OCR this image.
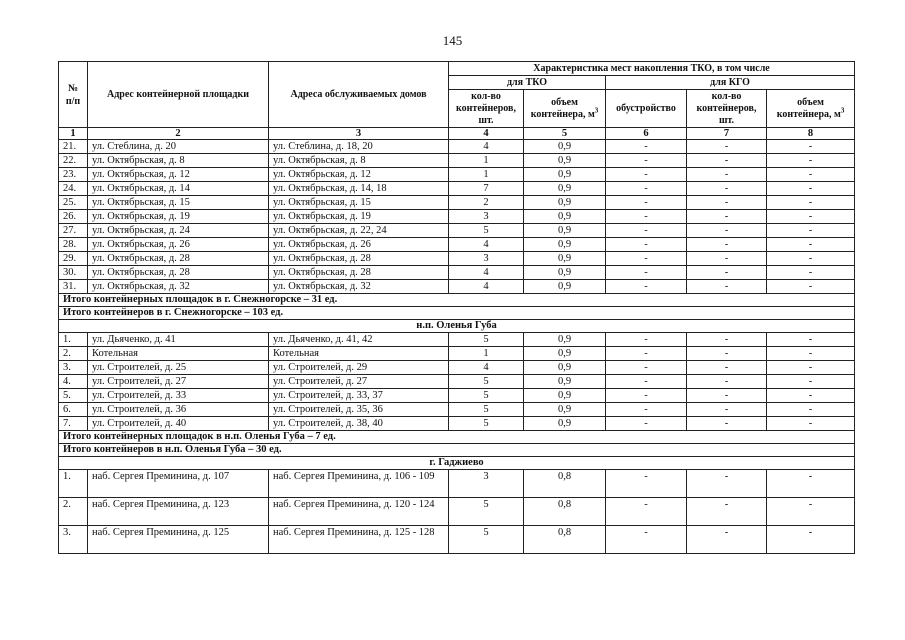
145
№ п/п	Адрес контейнерной площадки	Адреса обслуживаемых домов	Характеристика мест накопления ТКО, в том числе				
			для ТКО		для КГО		
			кол-во контейнеров, шт.	объем контейнера, $м^3$	обустройство	кол-во контейнеров, шт.	объем контейнера, $м^3$
1	2	3	4	5	6	7	8
21.	ул. Стеблина, д. 20	ул. Стеблина, д. 18, 20	4	0,9	-	-	-
22.	ул. Октябрьская, д. 8	ул. Октябрьская, д. 8	1	0,9	-	-	-
23.	ул. Октябрьская, д. 12	ул. Октябрьская, д. 12	1	0,9	-	-	-
24.	ул. Октябрьская, д. 14	ул. Октябрьская, д. 14, 18	7	0,9	-	-	-
25.	ул. Октябрьская, д. 15	ул. Октябрьская, д. 15	2	0,9	-	-	-
26.	ул. Октябрьская, д. 19	ул. Октябрьская, д. 19	3	0,9	-	-	-
27.	ул. Октябрьская, д. 24	ул. Октябрьская, д. 22, 24	5	0,9	-	-	-
28.	ул. Октябрьская, д. 26	ул. Октябрьская, д. 26	4	0,9	-	-	-
29.	ул. Октябрьская, д. 28	ул. Октябрьская, д. 28	3	0,9	-	-	-
30.	ул. Октябрьская, д. 28	ул. Октябрьская, д. 28	4	0,9	-	-	-
31.	ул. Октябрьская, д. 32	ул. Октябрьская, д. 32	4	0,9	-	-	-
Итого контейнерных площадок в г. Снежногорске – 31 ед.							
Итого контейнеров в г. Снежногорске – 103 ед.							
н.п. Оленья Губа							
1.	ул. Дьяченко, д. 41	ул. Дьяченко, д. 41, 42	5	0,9	-	-	-
2.	Котельная	Котельная	1	0,9	-	-	-
3.	ул. Строителей, д. 25	ул. Строителей, д. 29	4	0,9	-	-	-
4.	ул. Строителей, д. 27	ул. Строителей, д. 27	5	0,9	-	-	-
5.	ул. Строителей, д. 33	ул. Строителей, д. 33, 37	5	0,9	-	-	-
6.	ул. Строителей, д. 36	ул. Строителей, д. 35, 36	5	0,9	-	-	-
7.	ул. Строителей, д. 40	ул. Строителей, д. 38, 40	5	0,9	-	-	-
Итого контейнерных площадок в н.п. Оленья Губа – 7 ед.							
Итого контейнеров в н.п. Оленья Губа – 30 ед.							
г. Гаджиево							
1.	наб. Сергея Преминина, д. 107	наб. Сергея Преминина, д. 106 - 109	3	0,8	-	-	-
2.	наб. Сергея Преминина, д. 123	наб. Сергея Преминина, д. 120 - 124	5	0,8	-	-	-
3.	наб. Сергея Преминина, д. 125	наб. Сергея Преминина, д. 125 - 128	5	0,8	-	-	-
